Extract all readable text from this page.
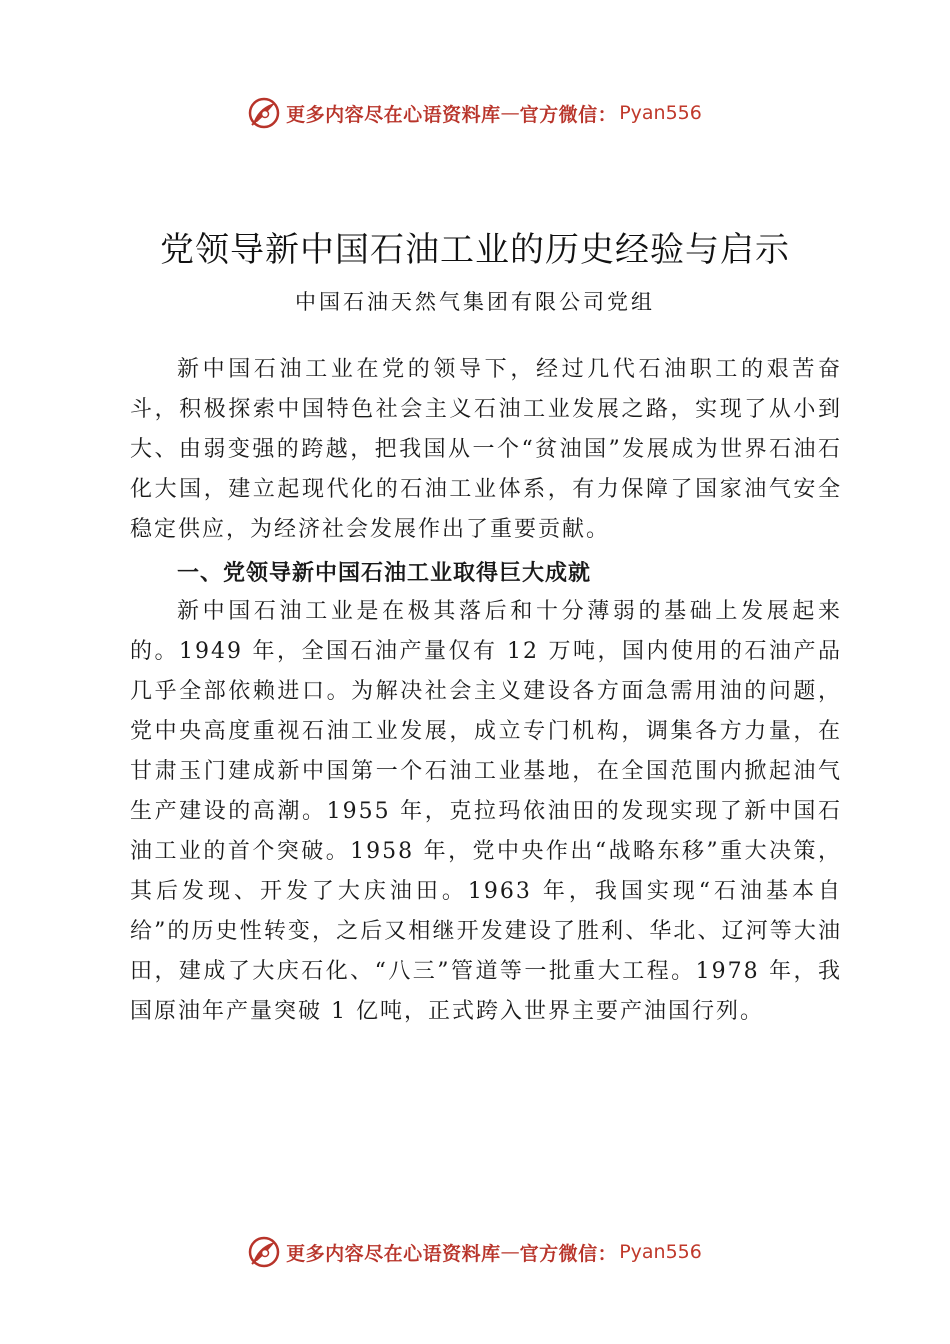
更多内容尽在心语资料库 — 官方微信： Pyan556
党领导新中国石油工业的历史经验与启示
中国石油天然气集团有限公司党组

新中国石油工业在党的领导下，经过几代石油职工的艰苦奋斗，积极探索中国特色社会主义石油工业发展之路，实现了从小到大、由弱变强的跨越，把我国从一个“贫油国”发展成为世界石油石化大国，建立起现代化的石油工业体系，有力保障了国家油气安全稳定供应，为经济社会发展作出了重要贡献。

一、党领导新中国石油工业取得巨大成就

新中国石油工业是在极其落后和十分薄弱的基础上发展起来的。1949 年，全国石油产量仅有 12 万吨，国内使用的石油产品几乎全部依赖进口。为解决社会主义建设各方面急需用油的问题，党中央高度重视石油工业发展，成立专门机构，调集各方力量，在甘肃玉门建成新中国第一个石油工业基地，在全国范围内掀起油气生产建设的高潮。1955 年，克拉玛依油田的发现实现了新中国石油工业的首个突破。1958 年，党中央作出“战略东移”重大决策，其后发现、开发了大庆油田。1963 年，我国实现“石油基本自给”的历史性转变，之后又相继开发建设了胜利、华北、辽河等大油田，建成了大庆石化、“八三”管道等一批重大工程。1978 年，我国原油年产量突破 1 亿吨，正式跨入世界主要产油国行列。

更多内容尽在心语资料库 — 官方微信： Pyan556
